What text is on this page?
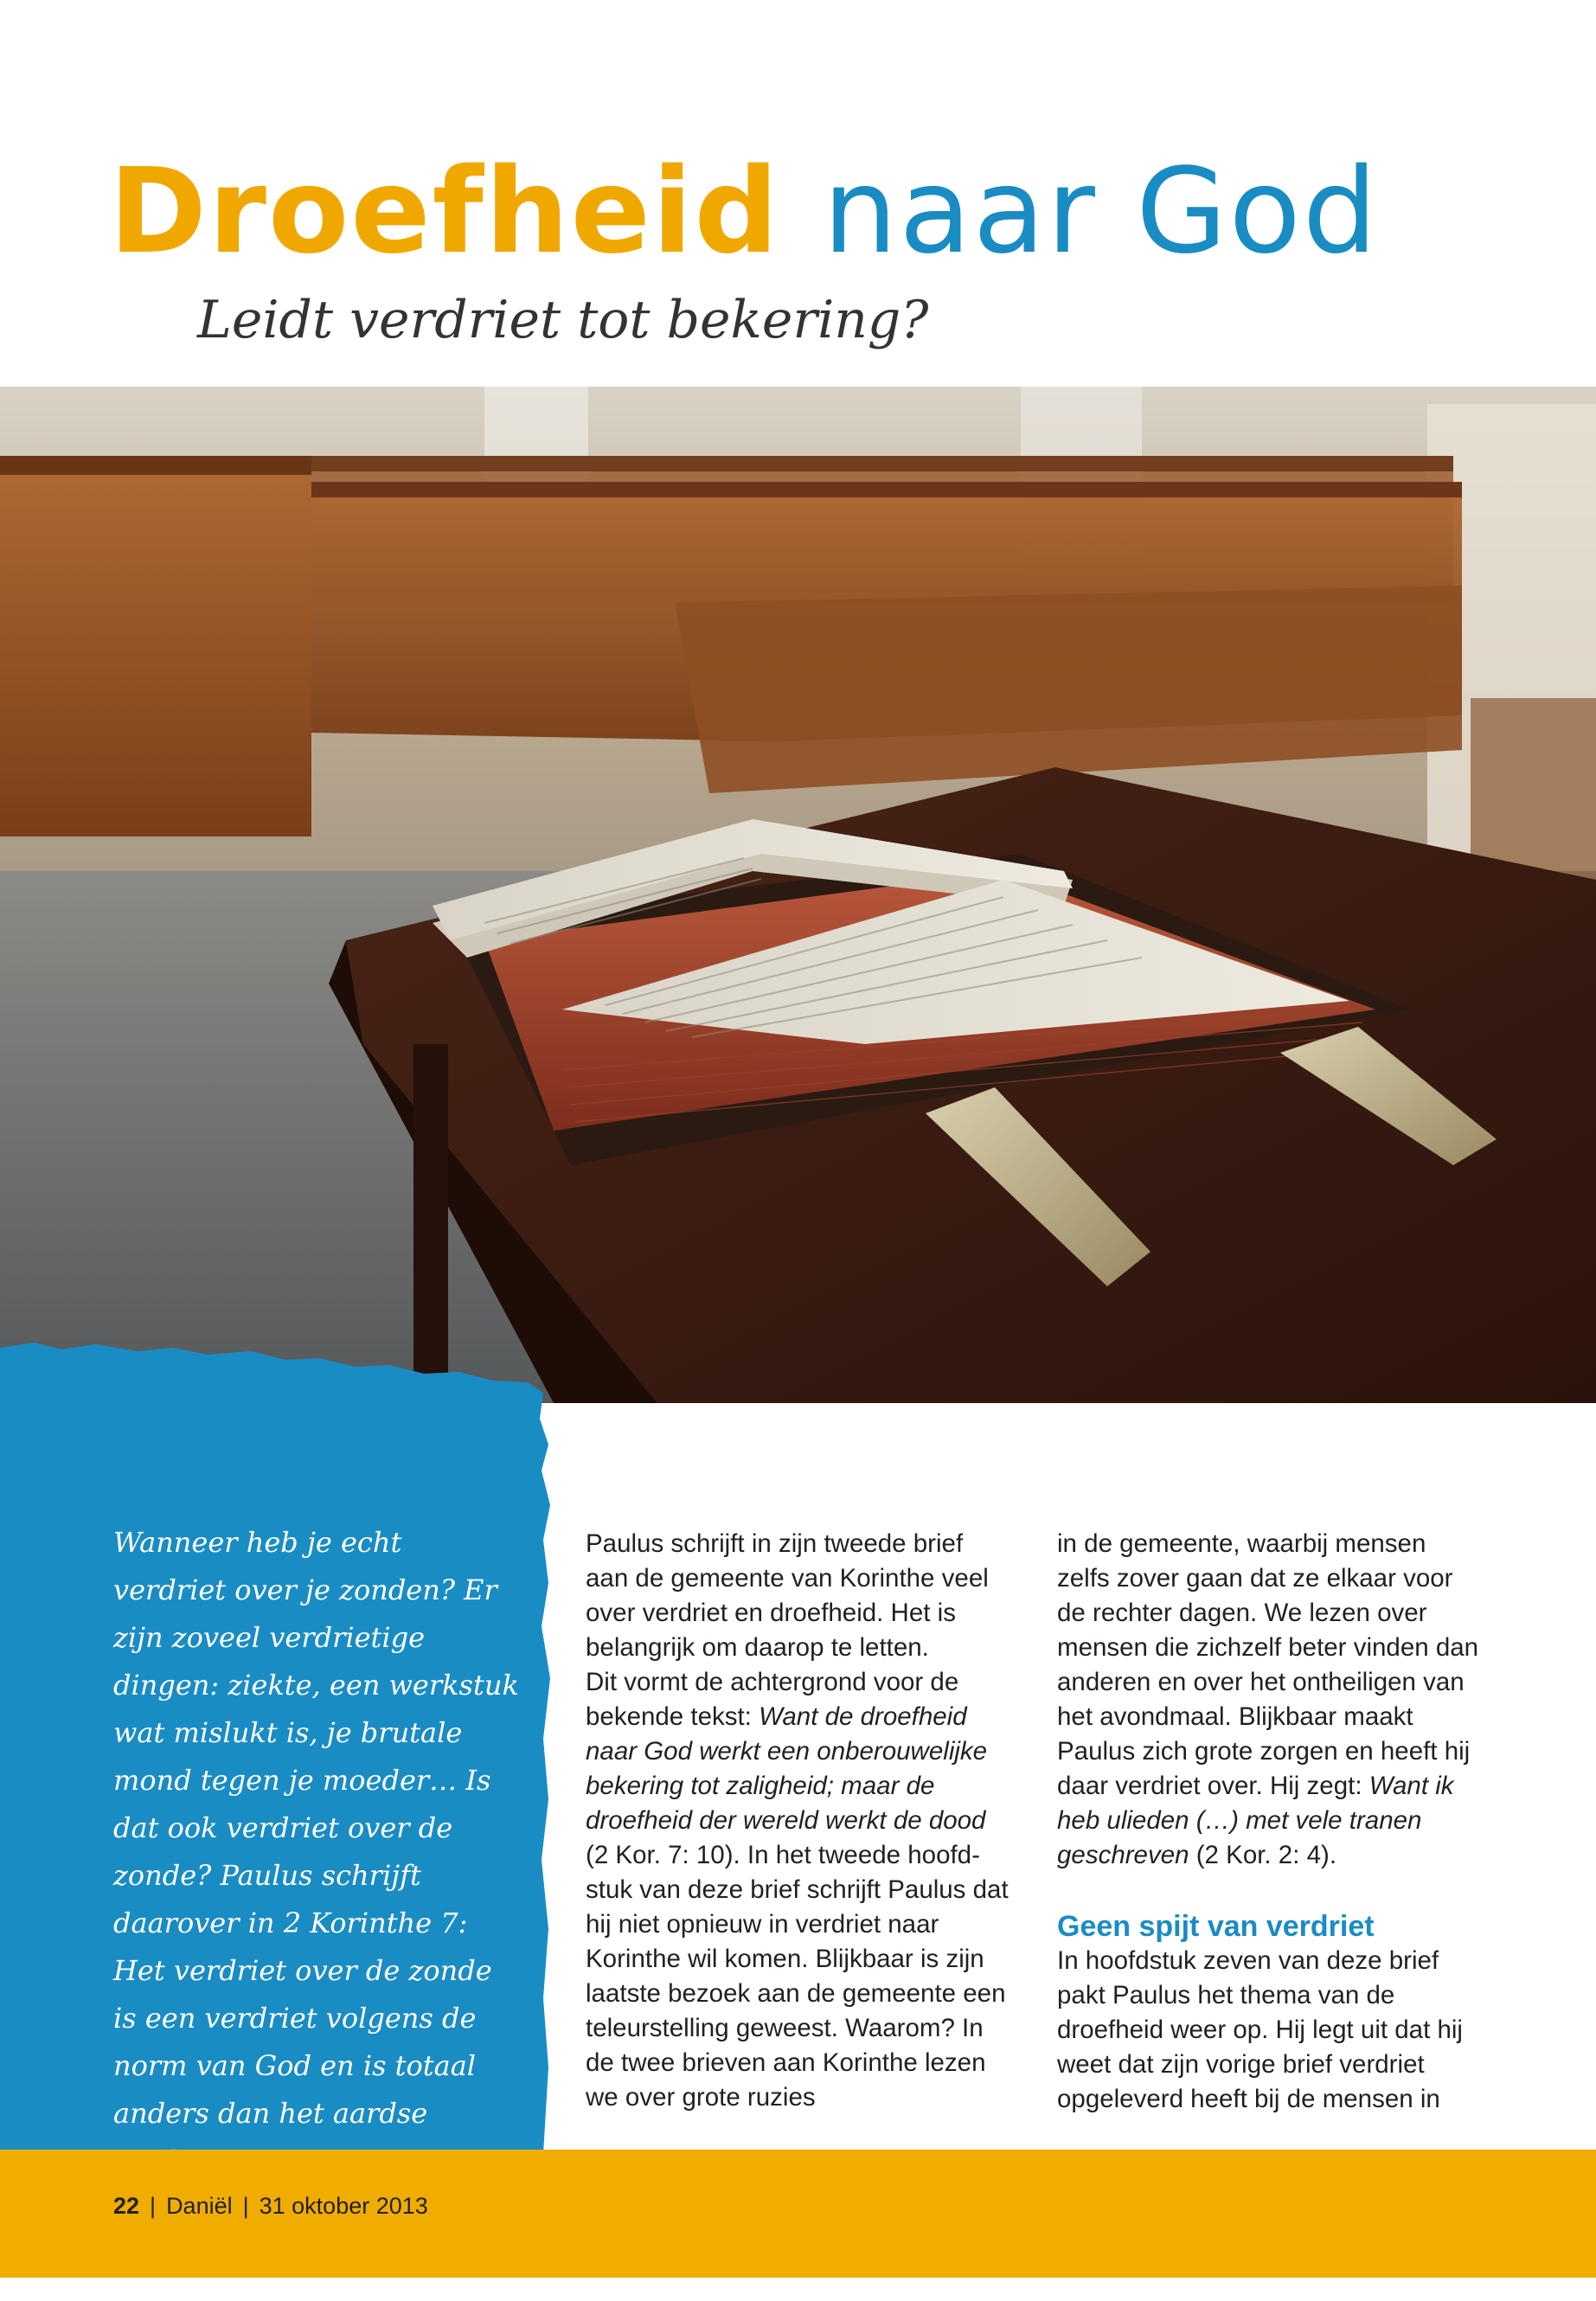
Droefheid naar God
Leidt verdriet tot bekering?

Wanneer heb je echt verdriet over je zonden? Er zijn zoveel verdrietige dingen: ziekte, een werkstuk wat mislukt is, je brutale mond tegen je moeder… Is dat ook verdriet over de zonde? Paulus schrijft daarover in 2 Korinthe 7: Het verdriet over de zonde is een verdriet volgens de norm van God en is totaal anders dan het aardse

Paulus schrijft in zijn tweede brief aan de gemeente van Korinthe veel over verdriet en droefheid. Het is belangrijk om daarop te letten.

Dit vormt de achtergrond voor de bekende tekst: Want de droefheid naar God werkt een onberouwelijke bekering tot zaligheid; maar de droefheid der wereld werkt de dood (2 Kor. 7: 10). In het tweede hoofdstuk van deze brief schrijft Paulus dat hij niet opnieuw in verdriet naar Korinthe wil komen. Blijkbaar is zijn laatste bezoek aan de gemeente een teleurstelling geweest. Waarom? In de twee brieven aan Korinthe lezen we over grote ruzies

in de gemeente, waarbij mensen zelfs zover gaan dat ze elkaar voor de rechter dagen. We lezen over mensen die zichzelf beter vinden dan anderen en over het ontheiligen van het avondmaal. Blijkbaar maakt Paulus zich grote zorgen en heeft hij daar verdriet over. Hij zegt: Want ik heb ulieden (…) met vele tranen geschreven (2 Kor. 2: 4).

Geen spijt van verdriet

In hoofdstuk zeven van deze brief pakt Paulus het thema van de droefheid weer op. Hij legt uit dat hij weet dat zijn vorige brief verdriet opgeleverd heeft bij de mensen in

22 | Daniël | 31 oktober 2013
